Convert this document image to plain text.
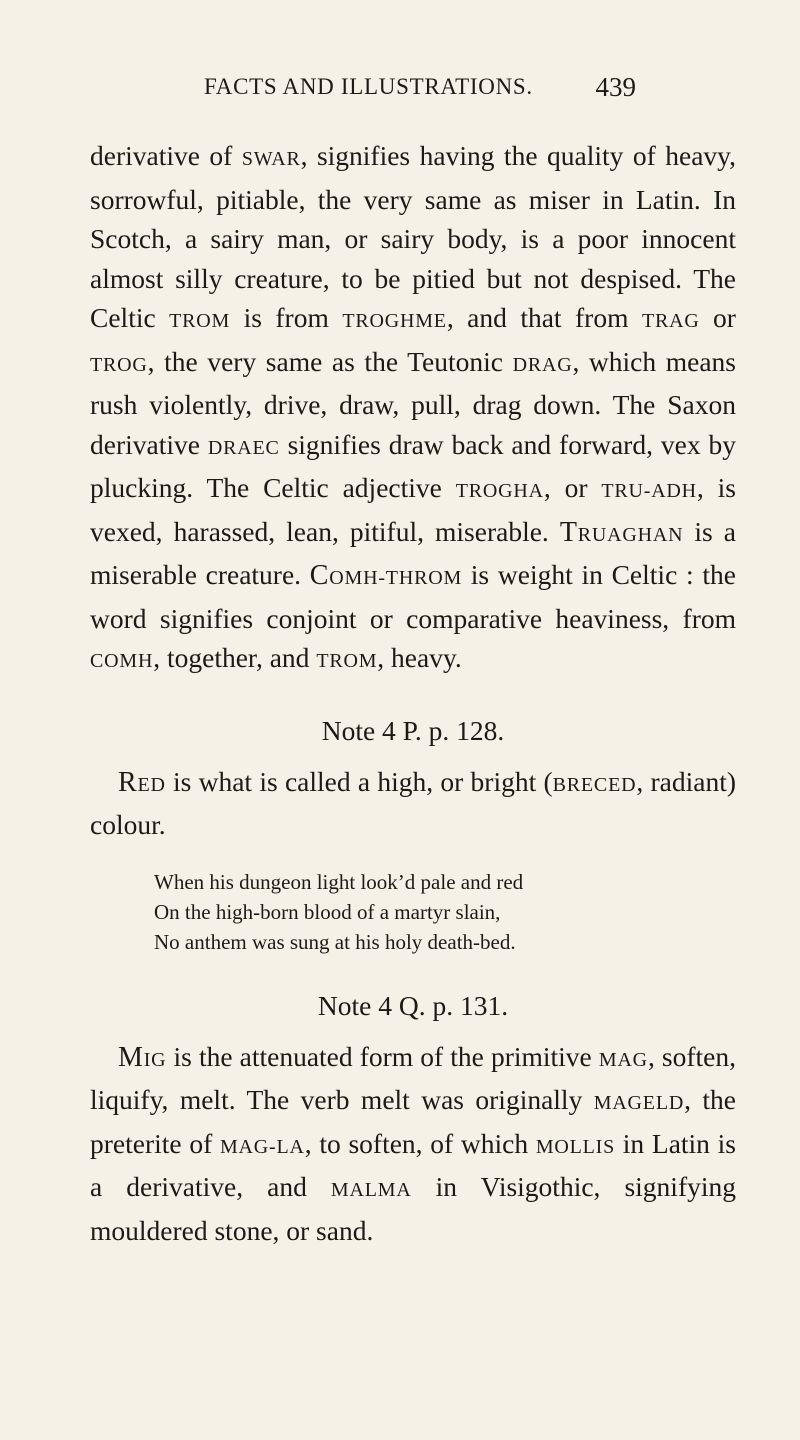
FACTS AND ILLUSTRATIONS. 439

derivative of SWAR, signifies having the quality of heavy, sorrowful, pitiable, the very same as miser in Latin. In Scotch, a sairy man, or sairy body, is a poor innocent almost silly creature, to be pitied but not despised. The Celtic TROM is from TROGHME, and that from TRAG or TROG, the very same as the Teutonic DRAG, which means rush violently, drive, draw, pull, drag down. The Saxon derivative DRAEC signifies draw back and forward, vex by plucking. The Celtic adjective TROGHA, or TRU-ADH, is vexed, harassed, lean, pitiful, miserable. TRUAGHAN is a miserable creature. COMH-THROM is weight in Celtic : the word signifies conjoint or comparative heaviness, from COMH, together, and TROM, heavy.

Note 4 P. p. 128.

RED is what is called a high, or bright (BRECED, radiant) colour.

When his dungeon light look’d pale and red
On the high-born blood of a martyr slain,
No anthem was sung at his holy death-bed.

Note 4 Q. p. 131.

MIG is the attenuated form of the primitive MAG, soften, liquify, melt. The verb melt was originally MAGELD, the preterite of MAG-LA, to soften, of which MOLLIS in Latin is a derivative, and MALMA in Visigothic, signifying mouldered stone, or sand.
